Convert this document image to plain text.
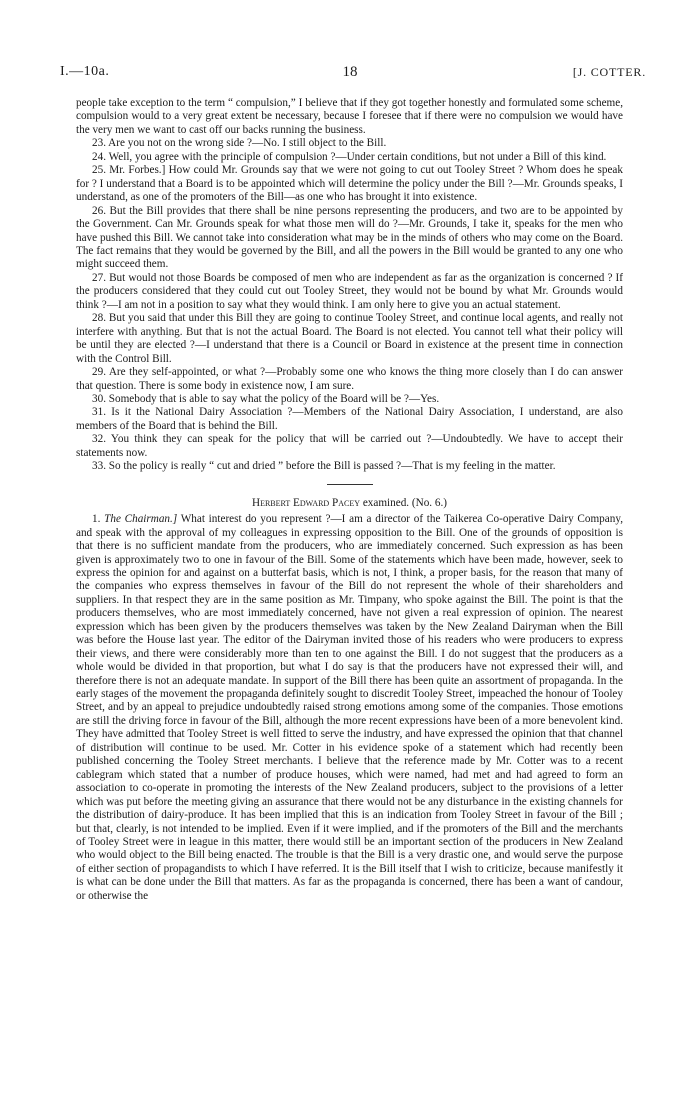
I.—10a.	18	[J. COTTER.

people take exception to the term “ compulsion,” I believe that if they got together honestly and formulated some scheme, compulsion would to a very great extent be necessary, because I foresee that if there were no compulsion we would have the very men we want to cast off our backs running the business.

23. Are you not on the wrong side ?—No. I still object to the Bill.

24. Well, you agree with the principle of compulsion ?—Under certain conditions, but not under a Bill of this kind.

25. Mr. Forbes.] How could Mr. Grounds say that we were not going to cut out Tooley Street ? Whom does he speak for ? I understand that a Board is to be appointed which will determine the policy under the Bill ?—Mr. Grounds speaks, I understand, as one of the promoters of the Bill—as one who has brought it into existence.

26. But the Bill provides that there shall be nine persons representing the producers, and two are to be appointed by the Government. Can Mr. Grounds speak for what those men will do ?—Mr. Grounds, I take it, speaks for the men who have pushed this Bill. We cannot take into consideration what may be in the minds of others who may come on the Board. The fact remains that they would be governed by the Bill, and all the powers in the Bill would be granted to any one who might succeed them.

27. But would not those Boards be composed of men who are independent as far as the organization is concerned ? If the producers considered that they could cut out Tooley Street, they would not be bound by what Mr. Grounds would think ?—I am not in a position to say what they would think. I am only here to give you an actual statement.

28. But you said that under this Bill they are going to continue Tooley Street, and continue local agents, and really not interfere with anything. But that is not the actual Board. The Board is not elected. You cannot tell what their policy will be until they are elected ?—I understand that there is a Council or Board in existence at the present time in connection with the Control Bill.

29. Are they self-appointed, or what ?—Probably some one who knows the thing more closely than I do can answer that question. There is some body in existence now, I am sure.

30. Somebody that is able to say what the policy of the Board will be ?—Yes.

31. Is it the National Dairy Association ?—Members of the National Dairy Association, I understand, are also members of the Board that is behind the Bill.

32. You think they can speak for the policy that will be carried out ?—Undoubtedly. We have to accept their statements now.

33. So the policy is really “ cut and dried ” before the Bill is passed ?—That is my feeling in the matter.

Herbert Edward Pacey examined. (No. 6.)

1. The Chairman.] What interest do you represent ?—I am a director of the Taikerea Co-operative Dairy Company, and speak with the approval of my colleagues in expressing opposition to the Bill. One of the grounds of opposition is that there is no sufficient mandate from the producers, who are immediately concerned. Such expression as has been given is approximately two to one in favour of the Bill. Some of the statements which have been made, however, seek to express the opinion for and against on a butterfat basis, which is not, I think, a proper basis, for the reason that many of the companies who express themselves in favour of the Bill do not represent the whole of their shareholders and suppliers. In that respect they are in the same position as Mr. Timpany, who spoke against the Bill. The point is that the producers themselves, who are most immediately concerned, have not given a real expression of opinion. The nearest expression which has been given by the producers themselves was taken by the New Zealand Dairyman when the Bill was before the House last year. The editor of the Dairyman invited those of his readers who were producers to express their views, and there were considerably more than ten to one against the Bill. I do not suggest that the producers as a whole would be divided in that proportion, but what I do say is that the producers have not expressed their will, and therefore there is not an adequate mandate. In support of the Bill there has been quite an assortment of propaganda. In the early stages of the movement the propaganda definitely sought to discredit Tooley Street, impeached the honour of Tooley Street, and by an appeal to prejudice undoubtedly raised strong emotions among some of the companies. Those emotions are still the driving force in favour of the Bill, although the more recent expressions have been of a more benevolent kind. They have admitted that Tooley Street is well fitted to serve the industry, and have expressed the opinion that that channel of distribution will continue to be used. Mr. Cotter in his evidence spoke of a statement which had recently been published concerning the Tooley Street merchants. I believe that the reference made by Mr. Cotter was to a recent cablegram which stated that a number of produce houses, which were named, had met and had agreed to form an association to co-operate in promoting the interests of the New Zealand producers, subject to the provisions of a letter which was put before the meeting giving an assurance that there would not be any disturbance in the existing channels for the distribution of dairy-produce. It has been implied that this is an indication from Tooley Street in favour of the Bill ; but that, clearly, is not intended to be implied. Even if it were implied, and if the promoters of the Bill and the merchants of Tooley Street were in league in this matter, there would still be an important section of the producers in New Zealand who would object to the Bill being enacted. The trouble is that the Bill is a very drastic one, and would serve the purpose of either section of propagandists to which I have referred. It is the Bill itself that I wish to criticize, because manifestly it is what can be done under the Bill that matters. As far as the propaganda is concerned, there has been a want of candour, or otherwise the
